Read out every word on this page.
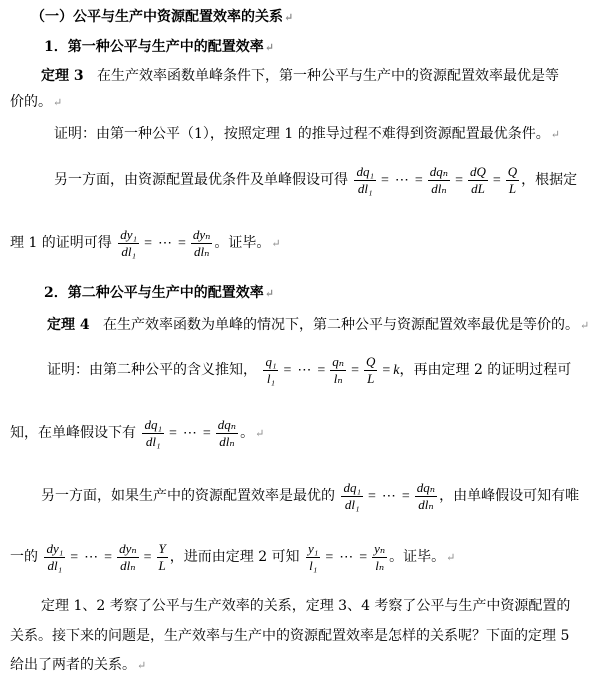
（一）公平与生产中资源配置效率的关系↵
1．第一种公平与生产中的配置效率↵
定理 3 在生产效率函数单峰条件下，第一种公平与生产中的资源配置效率最优是等
价的。↵
证明：由第一种公平（1），按照定理 1 的推导过程不难得到资源配置最优条件。↵
另一方面，由资源配置最优条件及单峰假设可得 $\frac{\text{dq₁}}{\text{dl₁}}$ = ⋯ = $\frac{\text{dqₙ}}{\text{dlₙ}} = \frac{dQ}{dL} = \frac{Q}{L}$ ，根据定
理 1 的证明可得 $\frac{\text{dy₁}}{\text{dl₁}}$ = ⋯ = $\frac{\text{dyₙ}}{\text{dlₙ}}$ 。证毕。↵
2．第二种公平与生产中的配置效率↵
定理 4 在生产效率函数为单峰的情况下，第二种公平与资源配置效率最优是等价的。↵
证明：由第二种公平的含义推知， $\frac{\text{q₁}}{\text{l₁}}$ = ⋯ = $\frac{\text{qₙ}}{\text{lₙ}} = \frac{Q}{L} = k$，再由定理 2 的证明过程可
知，在单峰假设下有 $\frac{\text{dq₁}}{\text{dl₁}}$ = ⋯ = $\frac{\text{dqₙ}}{\text{dlₙ}}$ 。↵
另一方面，如果生产中的资源配置效率是最优的 $\frac{\text{dq₁}}{\text{dl₁}}$ = ⋯ = $\frac{\text{dqₙ}}{\text{dlₙ}}$ ，由单峰假设可知有唯
一的 $\frac{\text{dy₁}}{\text{dl₁}}$ = ⋯ = $\frac{\text{dyₙ}}{\text{dlₙ}} = \frac{Y}{L}$ ，进而由定理 2 可知 $\frac{\text{y₁}}{\text{l₁}}$ = ⋯ = $\frac{\text{yₙ}}{\text{lₙ}}$ 。证毕。↵
定理 1、2 考察了公平与生产效率的关系，定理 3、4 考察了公平与生产中资源配置的
关系。接下来的问题是，生产效率与生产中的资源配置效率是怎样的关系呢？下面的定理 5
给出了两者的关系。↵
